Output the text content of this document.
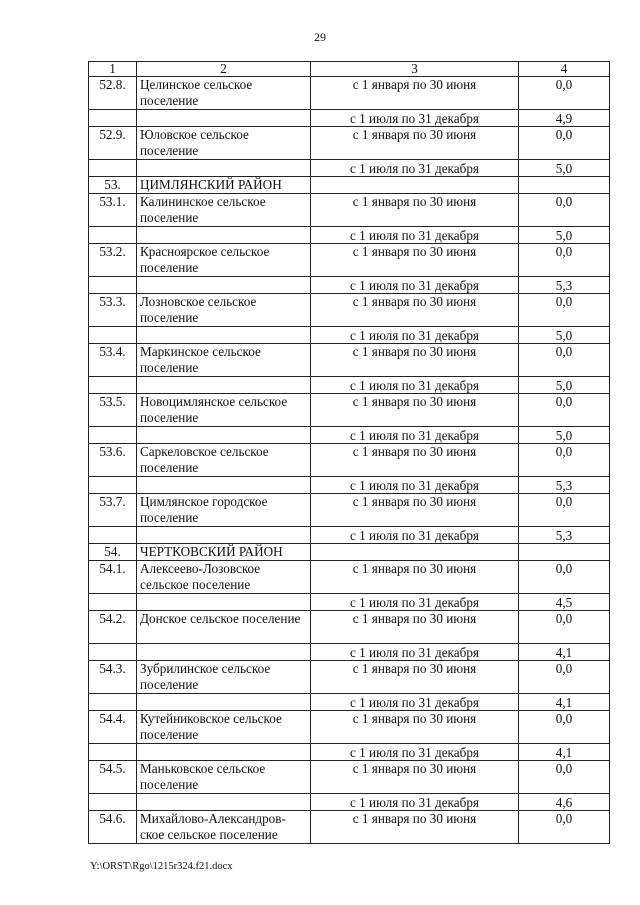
29
1	2	3	4
52.8.	Целинское сельское поселение	с 1 января по 30 июня	0,0
		с 1 июля по 31 декабря	4,9
52.9.	Юловское сельское поселение	с 1 января по 30 июня	0,0
		с 1 июля по 31 декабря	5,0
53.	ЦИМЛЯНСКИЙ РАЙОН		
53.1.	Калининское сельское поселение	с 1 января по 30 июня	0,0
		с 1 июля по 31 декабря	5,0
53.2.	Красноярское сельское поселение	с 1 января по 30 июня	0,0
		с 1 июля по 31 декабря	5,3
53.3.	Лозновское сельское поселение	с 1 января по 30 июня	0,0
		с 1 июля по 31 декабря	5,0
53.4.	Маркинское сельское поселение	с 1 января по 30 июня	0,0
		с 1 июля по 31 декабря	5,0
53.5.	Новоцимлянское сельское поселение	с 1 января по 30 июня	0,0
		с 1 июля по 31 декабря	5,0
53.6.	Саркеловское сельское поселение	с 1 января по 30 июня	0,0
		с 1 июля по 31 декабря	5,3
53.7.	Цимлянское городское поселение	с 1 января по 30 июня	0,0
		с 1 июля по 31 декабря	5,3
54.	ЧЕРТКОВСКИЙ РАЙОН		
54.1.	Алексеево-Лозовское сельское поселение	с 1 января по 30 июня	0,0
		с 1 июля по 31 декабря	4,5
54.2.	Донское сельское поселение	с 1 января по 30 июня	0,0
		с 1 июля по 31 декабря	4,1
54.3.	Зубрилинское сельское поселение	с 1 января по 30 июня	0,0
		с 1 июля по 31 декабря	4,1
54.4.	Кутейниковское сельское поселение	с 1 января по 30 июня	0,0
		с 1 июля по 31 декабря	4,1
54.5.	Маньковское сельское поселение	с 1 января по 30 июня	0,0
		с 1 июля по 31 декабря	4,6
54.6.	Михайлово-Александров-ское сельское поселение	с 1 января по 30 июня	0,0
Y:\ORST\Rgo\1215r324.f21.docx
